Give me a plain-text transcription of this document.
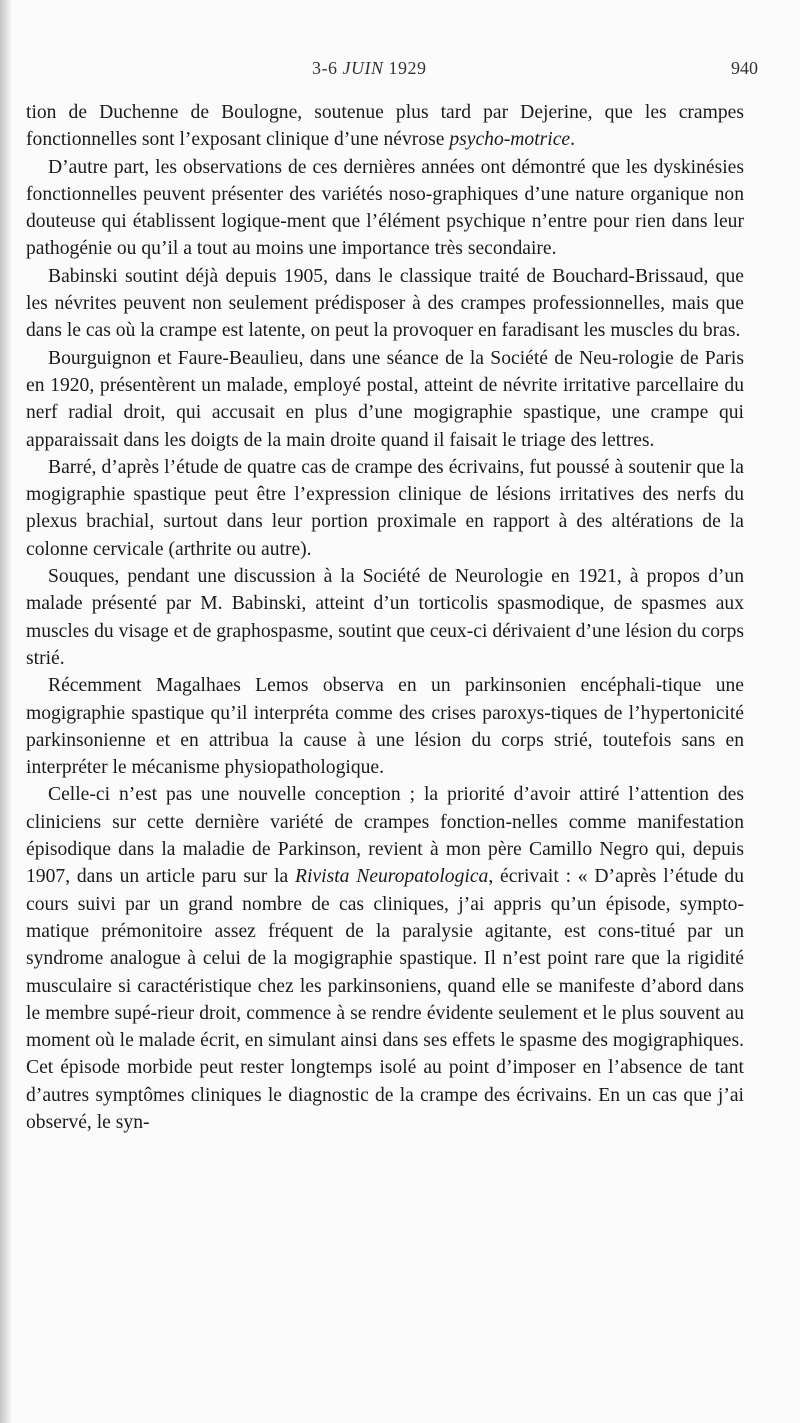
3-6 JUIN 1929	940

tion de Duchenne de Boulogne, soutenue plus tard par Dejerine, que les crampes fonctionnelles sont l’exposant clinique d’une névrose psycho-motrice.

D’autre part, les observations de ces dernières années ont démontré que les dyskinésies fonctionnelles peuvent présenter des variétés noso-graphiques d’une nature organique non douteuse qui établissent logique-ment que l’élément psychique n’entre pour rien dans leur pathogénie ou qu’il a tout au moins une importance très secondaire.

Babinski soutint déjà depuis 1905, dans le classique traité de Bouchard-Brissaud, que les névrites peuvent non seulement prédisposer à des crampes professionnelles, mais que dans le cas où la crampe est latente, on peut la provoquer en faradisant les muscles du bras.

Bourguignon et Faure-Beaulieu, dans une séance de la Société de Neu-rologie de Paris en 1920, présentèrent un malade, employé postal, atteint de névrite irritative parcellaire du nerf radial droit, qui accusait en plus d’une mogigraphie spastique, une crampe qui apparaissait dans les doigts de la main droite quand il faisait le triage des lettres.

Barré, d’après l’étude de quatre cas de crampe des écrivains, fut poussé à soutenir que la mogigraphie spastique peut être l’expression clinique de lésions irritatives des nerfs du plexus brachial, surtout dans leur portion proximale en rapport à des altérations de la colonne cervicale (arthrite ou autre).

Souques, pendant une discussion à la Société de Neurologie en 1921, à propos d’un malade présenté par M. Babinski, atteint d’un torticolis spasmodique, de spasmes aux muscles du visage et de graphospasme, soutint que ceux-ci dérivaient d’une lésion du corps strié.

Récemment Magalhaes Lemos observa en un parkinsonien encéphali-tique une mogigraphie spastique qu’il interpréta comme des crises paroxys-tiques de l’hypertonicité parkinsonienne et en attribua la cause à une lésion du corps strié, toutefois sans en interpréter le mécanisme physiopathologique.

Celle-ci n’est pas une nouvelle conception ; la priorité d’avoir attiré l’attention des cliniciens sur cette dernière variété de crampes fonction-nelles comme manifestation épisodique dans la maladie de Parkinson, revient à mon père Camillo Negro qui, depuis 1907, dans un article paru sur la Rivista Neuropatologica, écrivait : « D’après l’étude du cours suivi par un grand nombre de cas cliniques, j’ai appris qu’un épisode, sympto-matique prémonitoire assez fréquent de la paralysie agitante, est cons-titué par un syndrome analogue à celui de la mogigraphie spastique. Il n’est point rare que la rigidité musculaire si caractéristique chez les parkinsoniens, quand elle se manifeste d’abord dans le membre supé-rieur droit, commence à se rendre évidente seulement et le plus souvent au moment où le malade écrit, en simulant ainsi dans ses effets le spasme des mogigraphiques. Cet épisode morbide peut rester longtemps isolé au point d’imposer en l’absence de tant d’autres symptômes cliniques le diagnostic de la crampe des écrivains. En un cas que j’ai observé, le syn-
